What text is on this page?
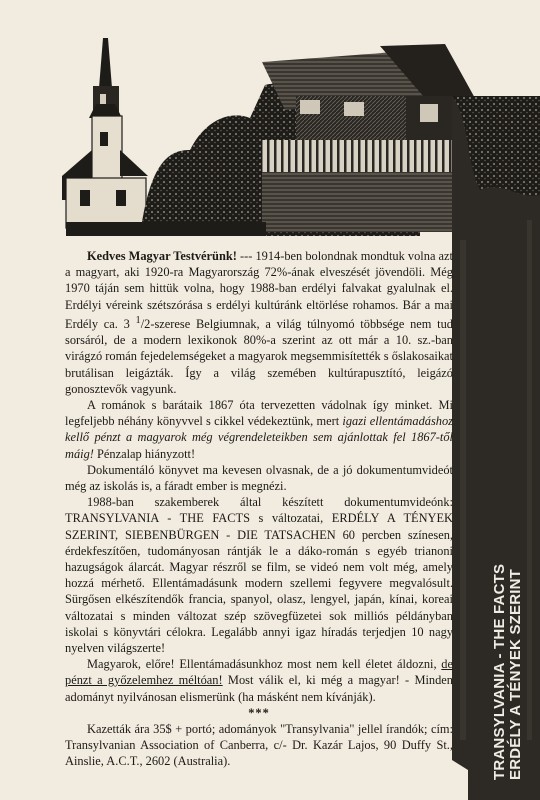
TRANSYLVANIA - THE FACTS ERDÉLY A TÉNYEK SZERINT

Kedves Magyar Testvérünk! --- 1914-ben bolondnak mondtuk volna azt a magyart, aki 1920-ra Magyarország 72%-ának elveszését jövendöli. Még 1970 táján sem hittük volna, hogy 1988-ban erdélyi falvakat gyalulnak el. Erdélyi véreink szétszórása s erdélyi kultúránk eltörlése rohamos. Bár a mai Erdély ca. 3 $^1$/2-szerese Belgiumnak, a világ túlnyomó többsége nem tud sorsáról, de a modern lexikonok 80%-a szerint az ott már a 10. sz.-ban virágzó román fejedelemségeket a magyarok megsemmisítették s őslakosaikat brutálisan leigázták. Így a világ szemében kultúrapusztító, leigázó gonosztevők vagyunk.

A románok s barátaik 1867 óta tervezetten vádolnak így minket. Mi legfeljebb néhány könyvvel s cikkel védekeztünk, mert igazi ellentámadáshoz kellő pénzt a magyarok még végrendeleteikben sem ajánlottak fel 1867-től máig! Pénzalap hiányzott!

Dokumentáló könyvet ma kevesen olvasnak, de a jó dokumentumvideót még az iskolás is, a fáradt ember is megnézi.

1988-ban szakemberek által készített dokumentumvideónk: TRANSYLVANIA - THE FACTS s változatai, ERDÉLY A TÉNYEK SZERINT, SIEBENBÜRGEN - DIE TATSACHEN 60 percben színesen, érdekfeszítően, tudományosan rántják le a dáko-román s egyéb trianoni hazugságok álarcát. Magyar részről se film, se videó nem volt még, amely hozzá mérhető. Ellentámadásunk modern szellemi fegyvere megvalósult. Sürgősen elkészítendők francia, spanyol, olasz, lengyel, japán, kínai, koreai változatai s minden változat szép szövegfüzetei sok milliós példányban iskolai s könyvtári célokra. Legalább annyi igaz híradás terjedjen 10 nagy nyelven világszerte!

Magyarok, előre! Ellentámadásunkhoz most nem kell életet áldozni, de pénzt a győzelemhez méltóan! Most válik el, ki még a magyar! - Minden adományt nyilvánosan elismerünk (ha másként nem kívánják).

***

Kazetták ára 35$ + portó; adományok "Transylvania" jellel írandók; cím: Transylvanian Association of Canberra, c/- Dr. Kazár Lajos, 90 Duffy St., Ainslie, A.C.T., 2602 (Australia).
